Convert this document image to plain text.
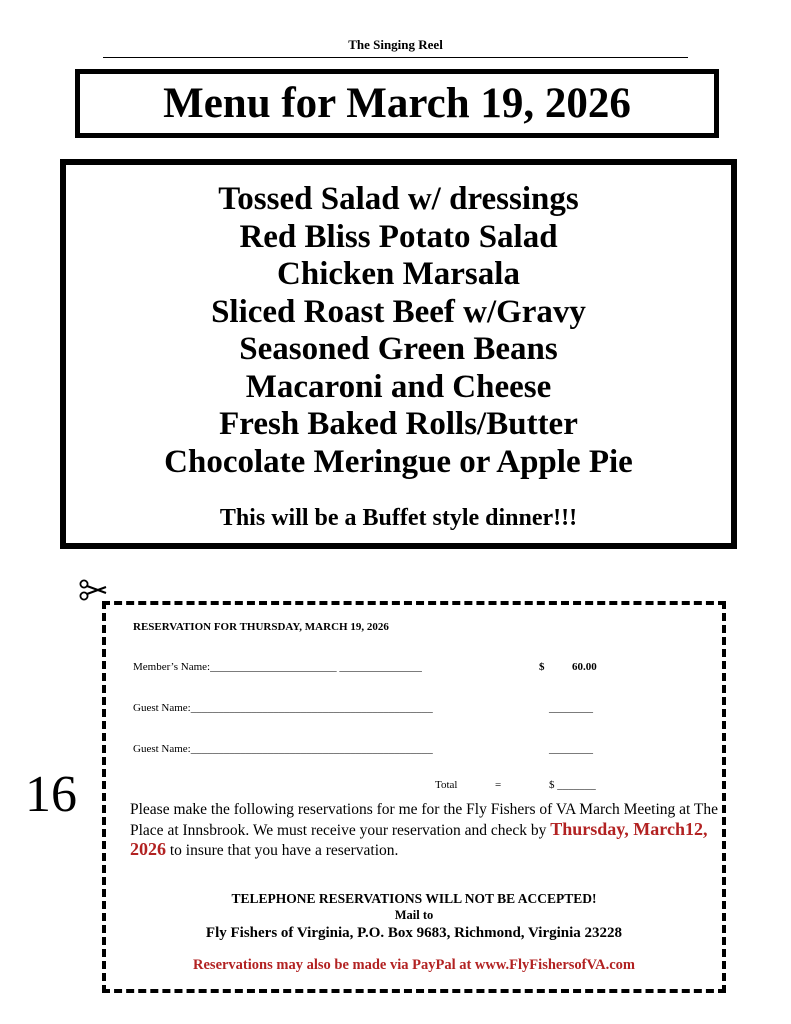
The Singing Reel
Menu for March 19, 2026
Tossed Salad w/ dressings
Red Bliss Potato Salad
Chicken Marsala
Sliced Roast Beef w/Gravy
Seasoned Green Beans
Macaroni and Cheese
Fresh Baked Rolls/Butter
Chocolate Meringue or Apple Pie
This will be a Buffet style dinner!!!
16
RESERVATION FOR THURSDAY, MARCH 19, 2026
Member’s Name:_______________________ _______________	$	60.00
Guest Name:____________________________________________	________
Guest Name:____________________________________________	________
Total	=	$ _______
Please make the following reservations for me for the Fly Fishers of VA March Meeting at The Place at Innsbrook. We must receive your reservation and check by Thursday, March12, 2026 to insure that you have a reservation.
TELEPHONE RESERVATIONS WILL NOT BE ACCEPTED!
Mail to
Fly Fishers of Virginia, P.O. Box 9683, Richmond, Virginia 23228
Reservations may also be made via PayPal at www.FlyFishersofVA.com
